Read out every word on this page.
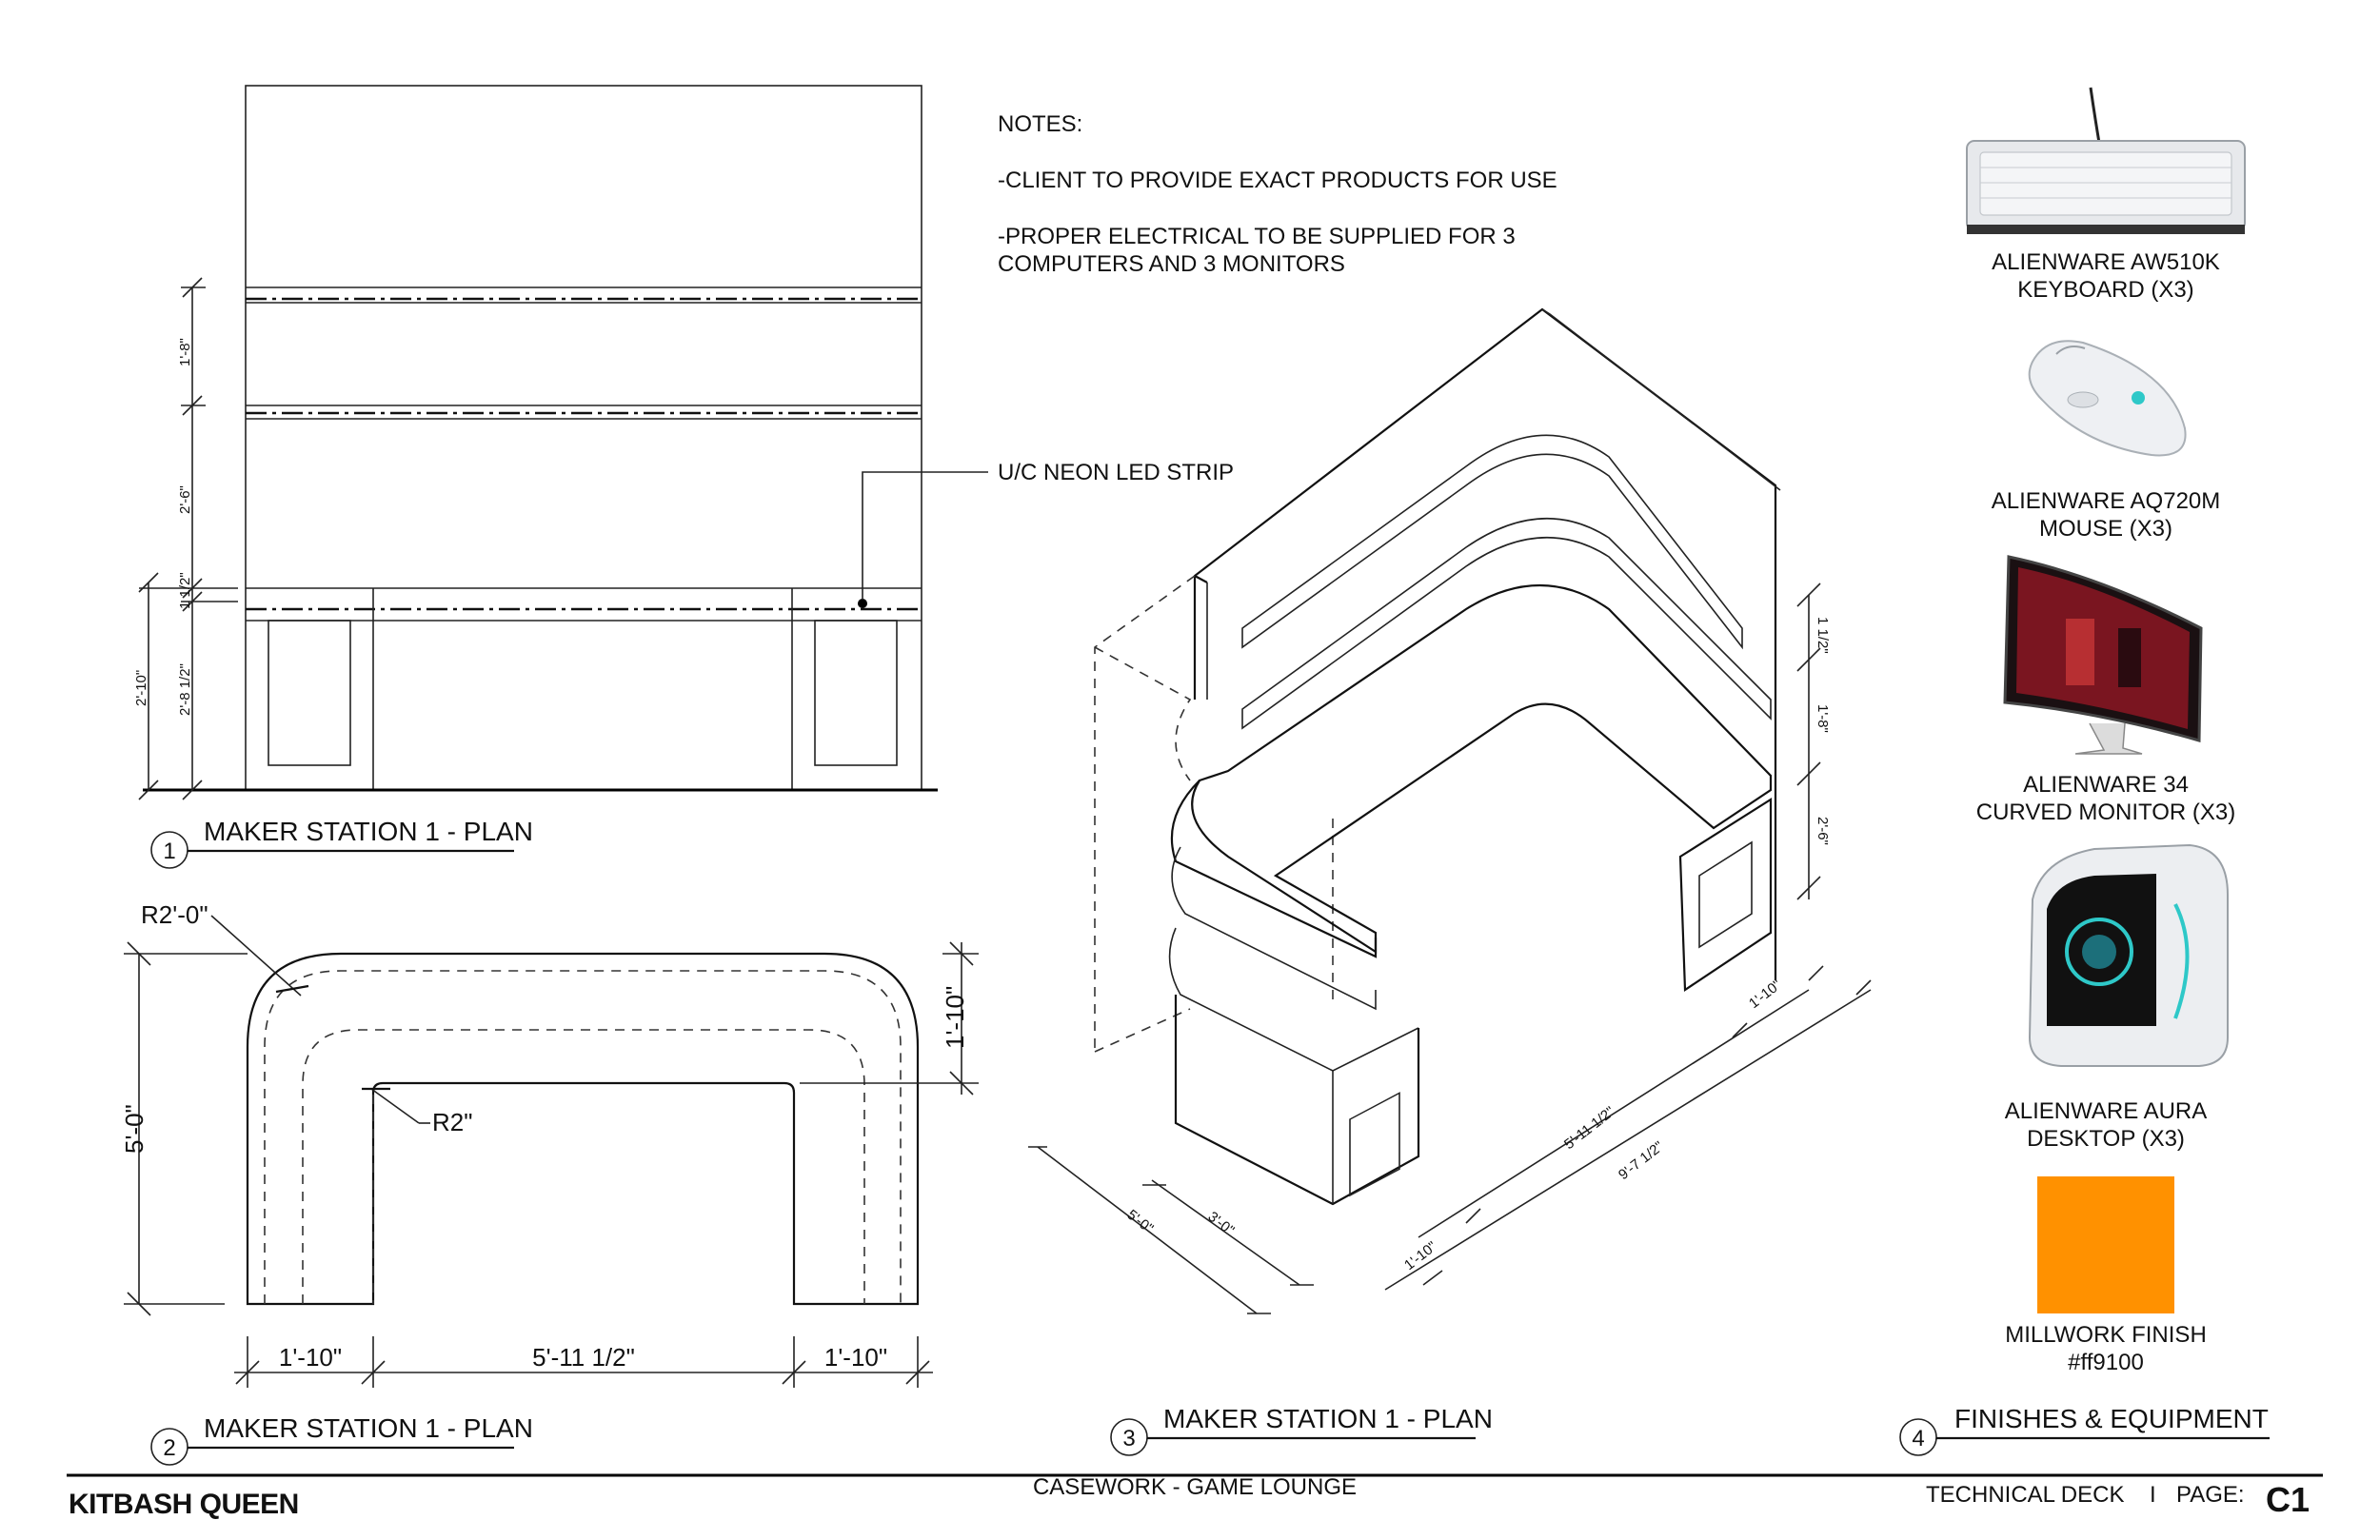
1'-8"
2'-6"
1 1/2"
2'-10" 2'-8 1/2"
1
MAKER STATION 1 - PLAN
R2'-0"
R2"
5'-0"
1'-10"
1'-10"	5'-11 1/2"	1'-10"
2
MAKER STATION 1 - PLAN
NOTES:
-CLIENT TO PROVIDE EXACT PRODUCTS FOR USE
-PROPER ELECTRICAL TO BE SUPPLIED FOR 3
COMPUTERS AND 3 MONITORS
U/C NEON LED STRIP
1 1/2"
1'-8"
2'-6"
1'-10"
5'-11 1/2"
9'-7 1/2"
1'-10"
5'-0"	3'-0"
3
MAKER STATION 1 - PLAN
ALIENWARE AW510K
KEYBOARD (X3)
ALIENWARE AQ720M
MOUSE (X3)
ALIENWARE 34
CURVED MONITOR (X3)
ALIENWARE AURA
DESKTOP (X3)
MILLWORK FINISH
#ff9100
4
FINISHES & EQUIPMENT
KITBASH QUEEN
CASEWORK - GAME LOUNGE	TECHNICAL DECK I PAGE: C1
